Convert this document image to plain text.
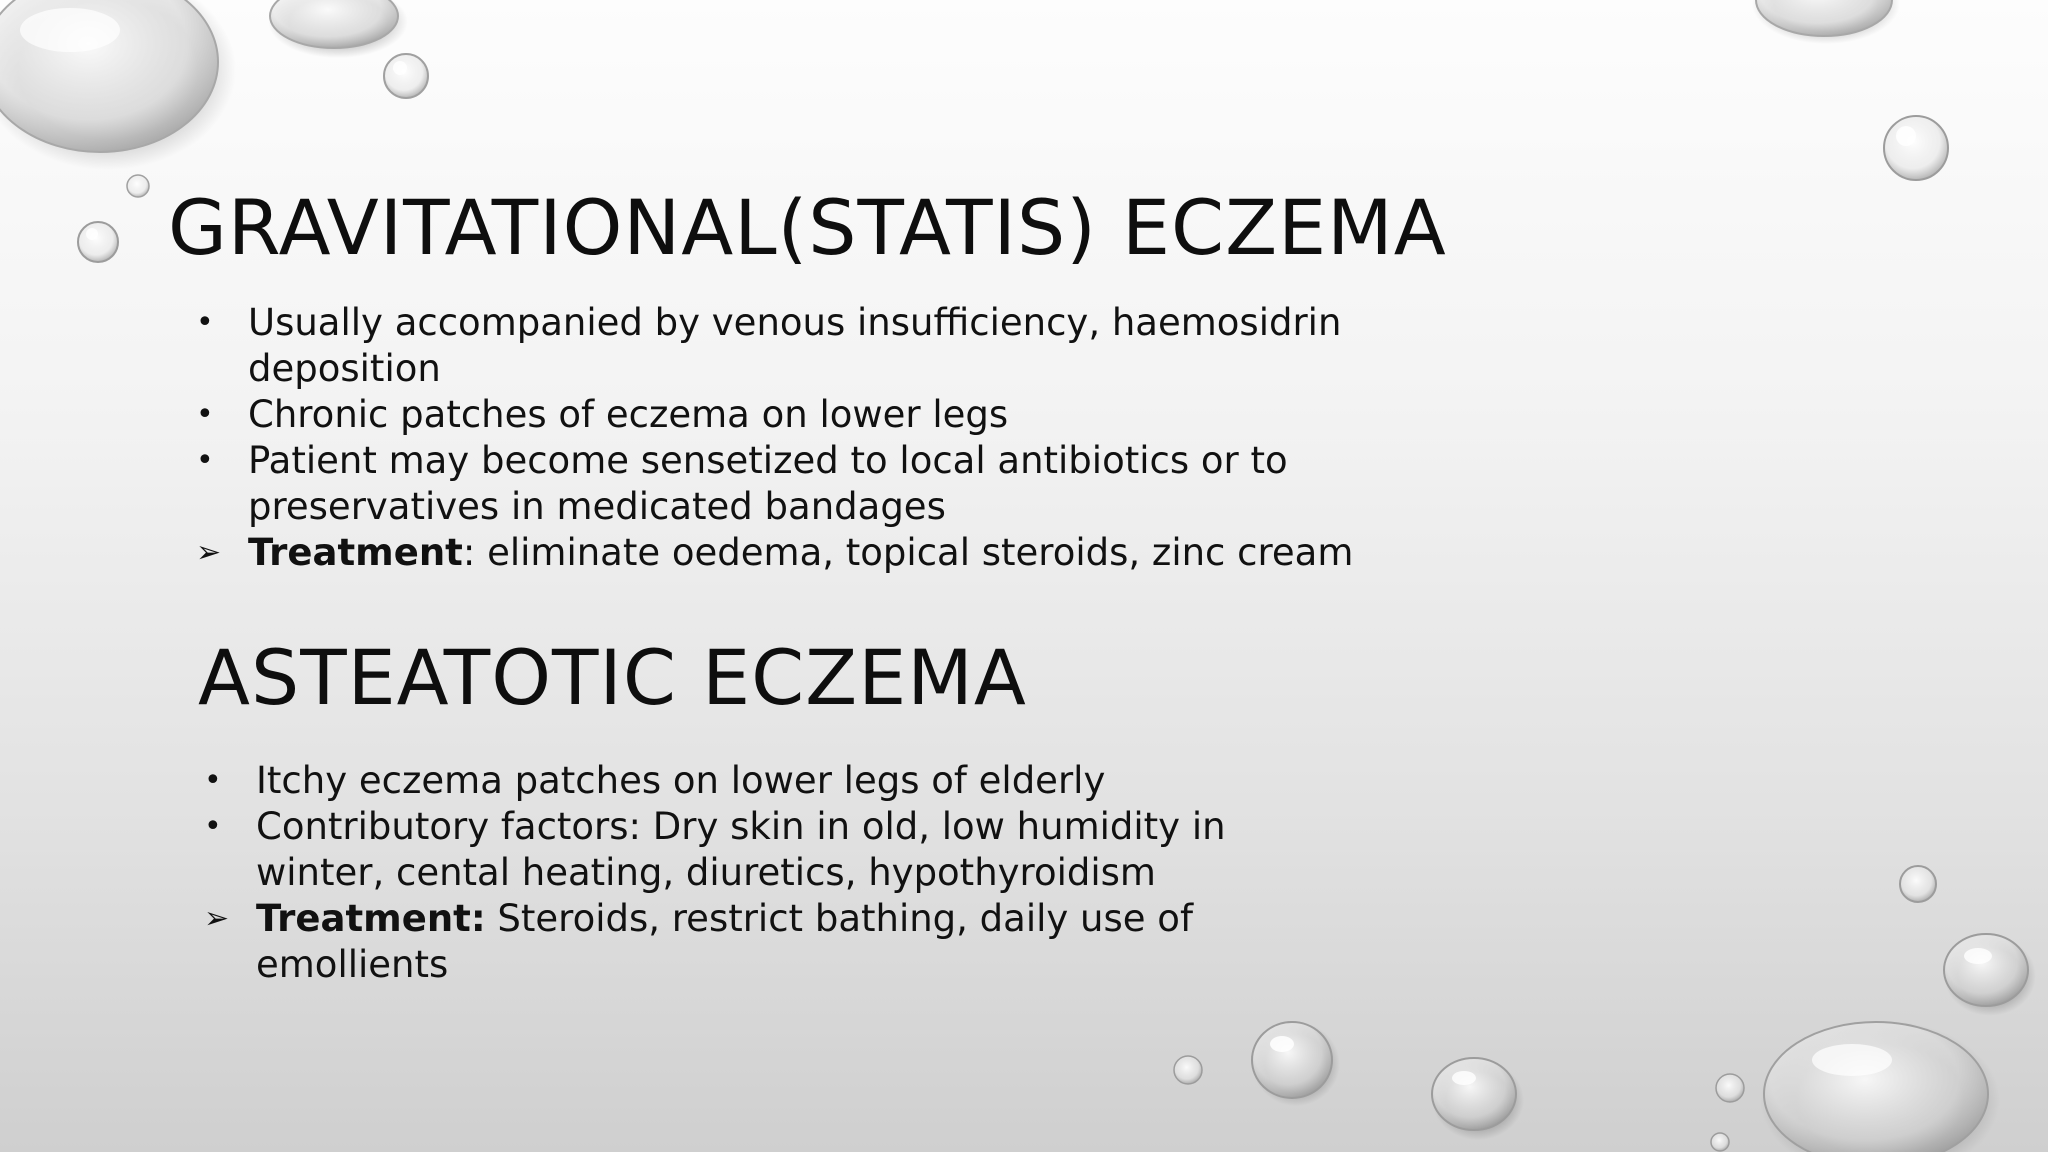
GRAVITATIONAL(STATIS) ECZEMA
• Usually accompanied by venous insufficiency, haemosidrin deposition
• Chronic patches of eczema on lower legs
• Patient may become sensetized to local antibiotics or to preservatives in medicated bandages
➢ Treatment: eliminate oedema, topical steroids, zinc cream
ASTEATOTIC ECZEMA
• Itchy eczema patches on lower legs of elderly
• Contributory factors: Dry skin in old, low humidity in winter, cental heating, diuretics, hypothyroidism
➢ Treatment: Steroids, restrict bathing, daily use of emollients
